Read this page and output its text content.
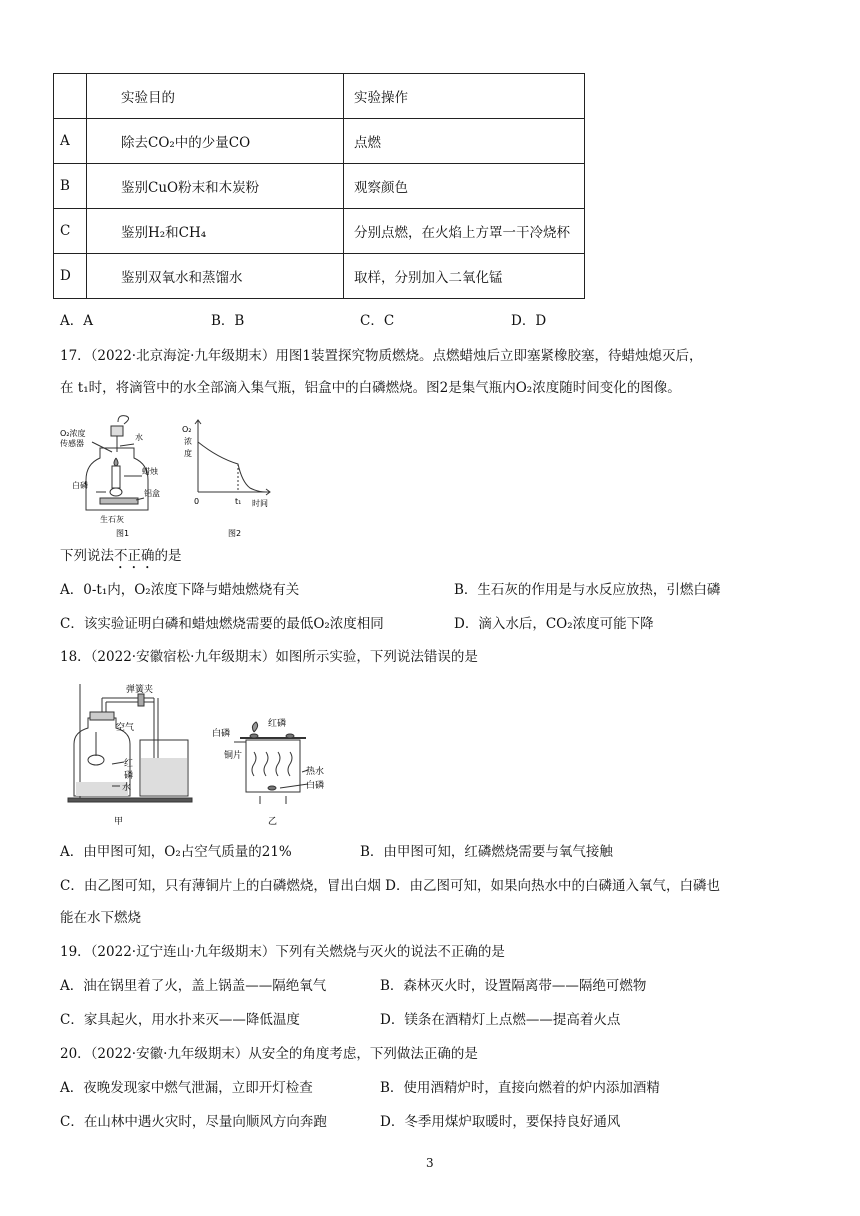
	实验目的	实验操作
A	除去CO₂中的少量CO	点燃
B	鉴别CuO粉末和木炭粉	观察颜色
C	鉴别H₂和CH₄	分别点燃，在火焰上方罩一干冷烧杯
D	鉴别双氧水和蒸馏水	取样，分别加入二氧化锰
A．A	B．B	C．C	D．D
17．（2022·北京海淀·九年级期末）用图1装置探究物质燃烧。点燃蜡烛后立即塞紧橡胶塞，待蜡烛熄灭后，
在 t₁时，将滴管中的水全部滴入集气瓶，铝盒中的白磷燃烧。图2是集气瓶内O₂浓度随时间变化的图像。
O₂浓度
传感器
水
蜡烛
白磷
铝盒
生石灰
图1
O₂
浓
度
0	t₁ 时间
图2
下列说法不正确的是
A．0-t₁内，O₂浓度下降与蜡烛燃烧有关	B．生石灰的作用是与水反应放热，引燃白磷
C．该实验证明白磷和蜡烛燃烧需要的最低O₂浓度相同	D．滴入水后，CO₂浓度可能下降
18．（2022·安徽宿松·九年级期末）如图所示实验，下列说法错误的是
弹簧夹
空气
红
磷
水
甲
红磷
白磷
铜片
热水
白磷
乙
A．由甲图可知，O₂占空气质量的21%	B．由甲图可知，红磷燃烧需要与氧气接触
C．由乙图可知，只有薄铜片上的白磷燃烧，冒出白烟 D．由乙图可知，如果向热水中的白磷通入氧气，白磷也
能在水下燃烧
19．（2022·辽宁连山·九年级期末）下列有关燃烧与灭火的说法不正确的是
A．油在锅里着了火，盖上锅盖——隔绝氧气	B．森林灭火时，设置隔离带——隔绝可燃物
C．家具起火，用水扑来灭——降低温度	D．镁条在酒精灯上点燃——提高着火点
20．（2022·安徽·九年级期末）从安全的角度考虑，下列做法正确的是
A．夜晚发现家中燃气泄漏，立即开灯检查	B．使用酒精炉时，直接向燃着的炉内添加酒精
C．在山林中遇火灾时，尽量向顺风方向奔跑	D．冬季用煤炉取暖时，要保持良好通风
3
